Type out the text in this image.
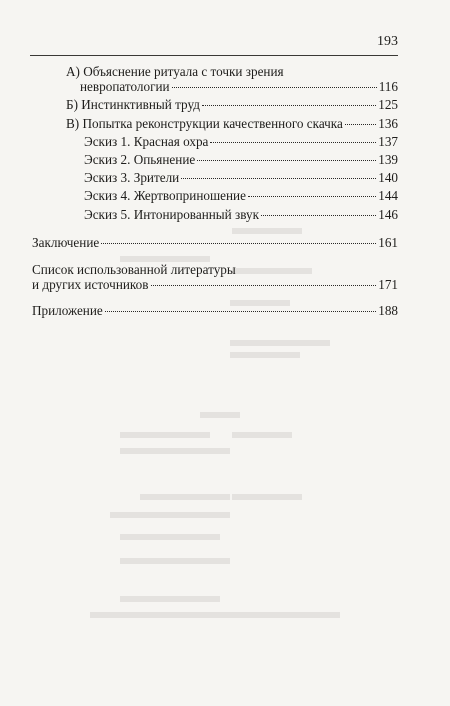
193
А) Объяснение ритуала с точки зрения
невропатологии	116
Б) Инстинктивный труд	125
В) Попытка реконструкции качественного скачка	136
Эскиз 1. Красная охра	137
Эскиз 2. Опьянение	139
Эскиз 3. Зрители	140
Эскиз 4. Жертвоприношение	144
Эскиз 5. Интонированный звук	146
Заключение	161
Список использованной литературы
и других источников	171
Приложение	188
